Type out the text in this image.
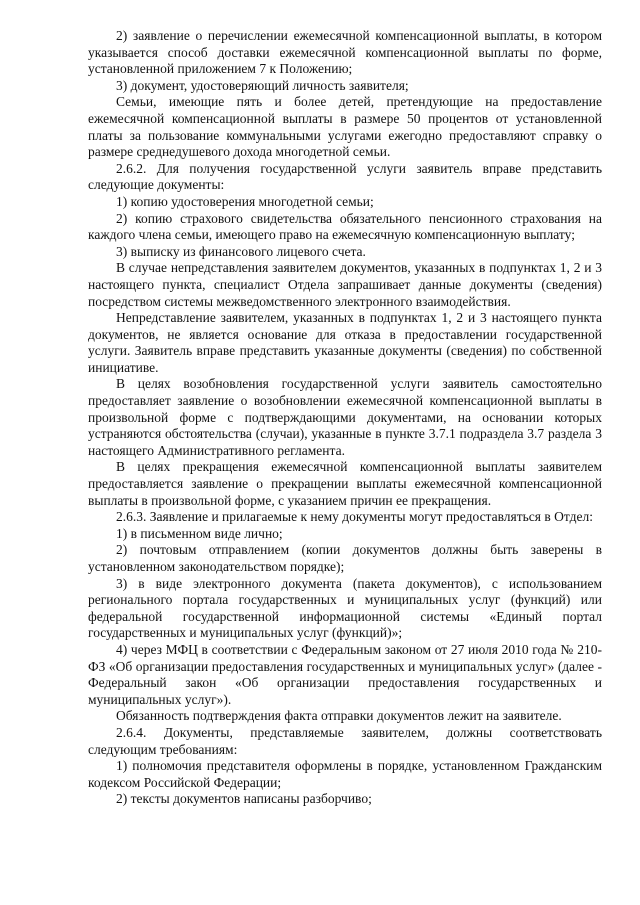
2) заявление о перечислении ежемесячной компенсационной выплаты, в котором указывается способ доставки ежемесячной компенсационной выплаты по форме, установленной приложением 7 к Положению;

3) документ, удостоверяющий личность заявителя;

Семьи, имеющие пять и более детей, претендующие на предоставление ежемесячной компенсационной выплаты в размере 50 процентов от установленной платы за пользование коммунальными услугами ежегодно предоставляют справку о размере среднедушевого дохода многодетной семьи.

2.6.2. Для получения государственной услуги заявитель вправе представить следующие документы:

1) копию удостоверения многодетной семьи;

2) копию страхового свидетельства обязательного пенсионного страхования на каждого члена семьи, имеющего право на ежемесячную компенсационную выплату;

3) выписку из финансового лицевого счета.

В случае непредставления заявителем документов, указанных в подпунктах 1, 2 и 3 настоящего пункта, специалист Отдела запрашивает данные документы (сведения) посредством системы межведомственного электронного взаимодействия.

Непредставление заявителем, указанных в подпунктах 1, 2 и 3 настоящего пункта документов, не является основание для отказа в предоставлении государственной услуги. Заявитель вправе представить указанные документы (сведения) по собственной инициативе.

В целях возобновления государственной услуги заявитель самостоятельно предоставляет заявление о возобновлении ежемесячной компенсационной выплаты в произвольной форме с подтверждающими документами, на основании которых устраняются обстоятельства (случаи), указанные в пункте 3.7.1 подраздела 3.7 раздела 3 настоящего Административного регламента.

В целях прекращения ежемесячной компенсационной выплаты заявителем предоставляется заявление о прекращении выплаты ежемесячной компенсационной выплаты в произвольной форме, с указанием причин ее прекращения.

2.6.3. Заявление и прилагаемые к нему документы могут предоставляться в Отдел:

1) в письменном виде лично;

2) почтовым отправлением (копии документов должны быть заверены в установленном законодательством порядке);

3) в виде электронного документа (пакета документов), с использованием регионального портала государственных и муниципальных услуг (функций) или федеральной государственной информационной системы «Единый портал государственных и муниципальных услуг (функций)»;

4) через МФЦ в соответствии с Федеральным законом от 27 июля 2010 года № 210-ФЗ «Об организации предоставления государственных и муниципальных услуг» (далее - Федеральный закон «Об организации предоставления государственных и муниципальных услуг»).

Обязанность подтверждения факта отправки документов лежит на заявителе.

2.6.4. Документы, представляемые заявителем, должны соответствовать следующим требованиям:

1) полномочия представителя оформлены в порядке, установленном Гражданским кодексом Российской Федерации;

2) тексты документов написаны разборчиво;
